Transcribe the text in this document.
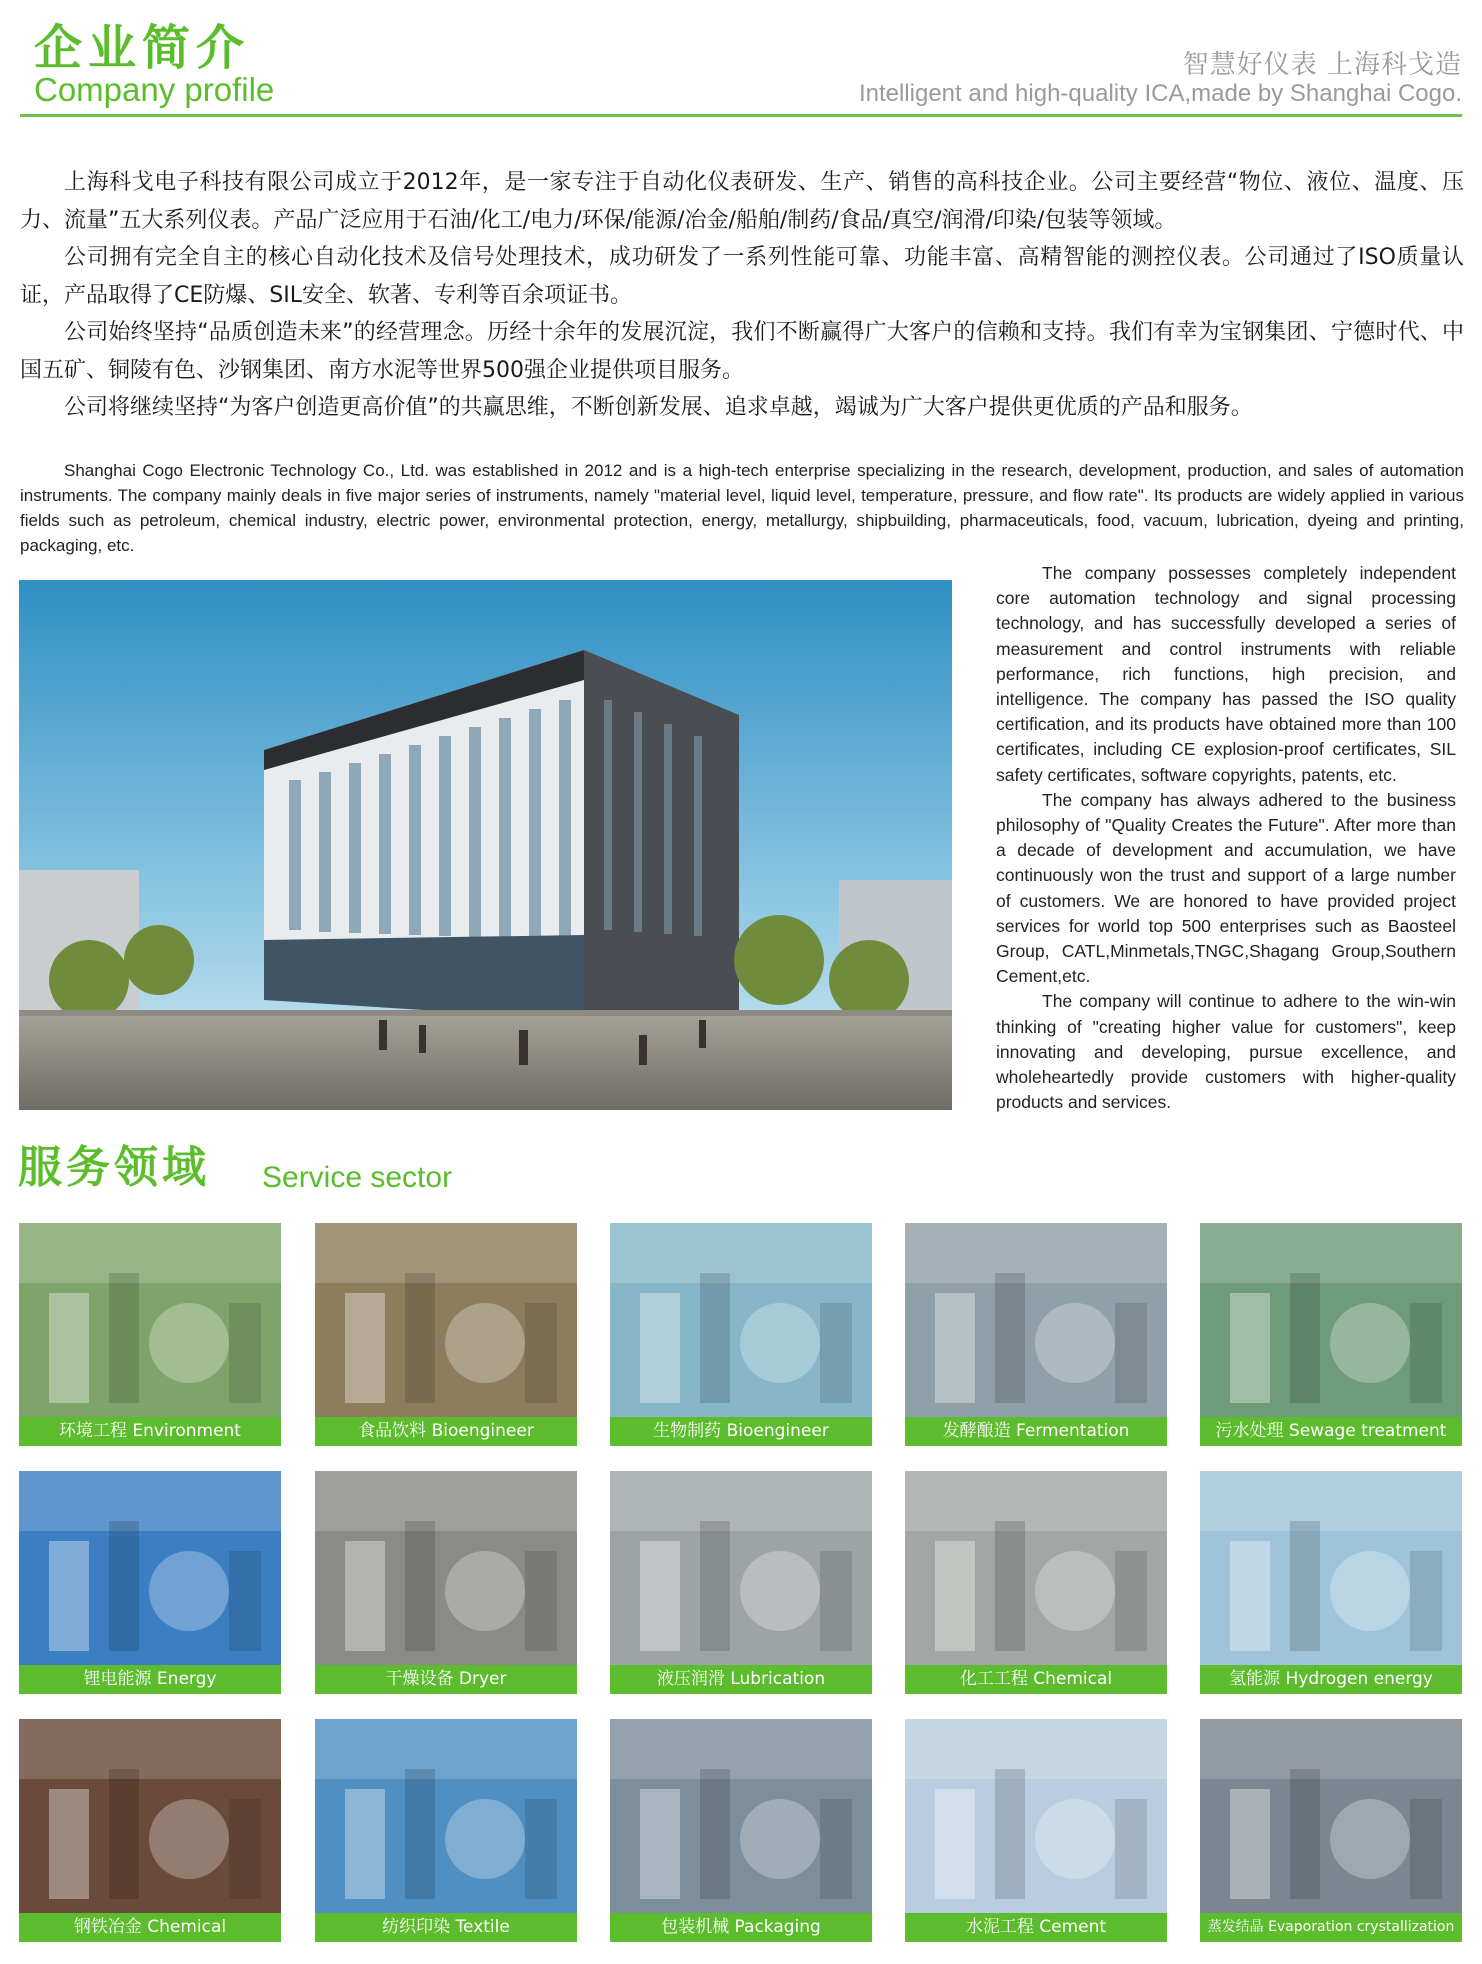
企业简介
Company profile
智慧好仪表 上海科戈造
Intelligent and high-quality ICA,made by Shanghai Cogo.

上海科戈电子科技有限公司成立于2012年，是一家专注于自动化仪表研发、生产、销售的高科技企业。公司主要经营“物位、液位、温度、压力、流量”五大系列仪表。产品广泛应用于石油/化工/电力/环保/能源/冶金/船舶/制药/食品/真空/润滑/印染/包装等领域。

公司拥有完全自主的核心自动化技术及信号处理技术，成功研发了一系列性能可靠、功能丰富、高精智能的测控仪表。公司通过了ISO质量认证，产品取得了CE防爆、SIL安全、软著、专利等百余项证书。

公司始终坚持“品质创造未来”的经营理念。历经十余年的发展沉淀，我们不断赢得广大客户的信赖和支持。我们有幸为宝钢集团、宁德时代、中国五矿、铜陵有色、沙钢集团、南方水泥等世界500强企业提供项目服务。

公司将继续坚持“为客户创造更高价值”的共赢思维，不断创新发展、追求卓越，竭诚为广大客户提供更优质的产品和服务。

Shanghai Cogo Electronic Technology Co., Ltd. was established in 2012 and is a high-tech enterprise specializing in the research, development, production, and sales of automation instruments. The company mainly deals in five major series of instruments, namely "material level, liquid level, temperature, pressure, and flow rate". Its products are widely applied in various fields such as petroleum, chemical industry, electric power, environmental protection, energy, metallurgy, shipbuilding, pharmaceuticals, food, vacuum, lubrication, dyeing and printing, packaging, etc.

The company possesses completely independent core automation technology and signal processing technology, and has successfully developed a series of measurement and control instruments with reliable performance, rich functions, high precision, and intelligence. The company has passed the ISO quality certification, and its products have obtained more than 100 certificates, including CE explosion-proof certificates, SIL safety certificates, software copyrights, patents, etc.

The company has always adhered to the business philosophy of "Quality Creates the Future". After more than a decade of development and accumulation, we have continuously won the trust and support of a large number of customers. We are honored to have provided project services for world top 500 enterprises such as Baosteel Group, CATL,Minmetals,TNGC,Shagang Group,Southern Cement,etc.

The company will continue to adhere to the win-win thinking of "creating higher value for customers", keep innovating and developing, pursue excellence, and wholeheartedly provide customers with higher-quality products and services.

服务领域 Service sector
环境工程 Environment	食品饮料 Bioengineer	生物制药 Bioengineer	发酵酿造 Fermentation	污水处理 Sewage treatment
锂电能源 Energy	干燥设备 Dryer	液压润滑 Lubrication	化工工程 Chemical	氢能源 Hydrogen energy
钢铁冶金 Chemical	纺织印染 Textile	包装机械 Packaging	水泥工程 Cement	蒸发结晶 Evaporation crystallization
